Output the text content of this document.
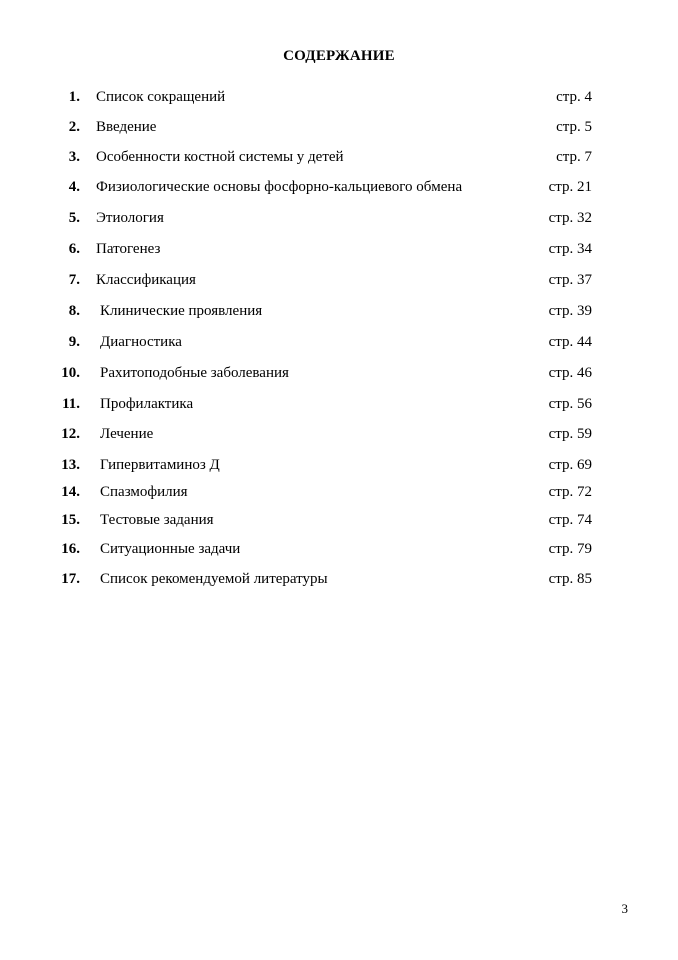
СОДЕРЖАНИЕ
1. Список сокращений	стр. 4
2. Введение	стр. 5
3. Особенности костной системы у детей	стр. 7
4. Физиологические основы фосфорно-кальциевого обмена	стр. 21
5. Этиология	стр. 32
6. Патогенез	стр. 34
7. Классификация	стр. 37
8. Клинические проявления	стр. 39
9. Диагностика	стр. 44
10. Рахитоподобные заболевания	стр. 46
11. Профилактика	стр. 56
12. Лечение	стр. 59
13. Гипервитаминоз Д	стр. 69
14. Спазмофилия	стр. 72
15. Тестовые задания	стр. 74
16. Ситуационные задачи	стр. 79
17. Список рекомендуемой литературы	стр. 85
3
